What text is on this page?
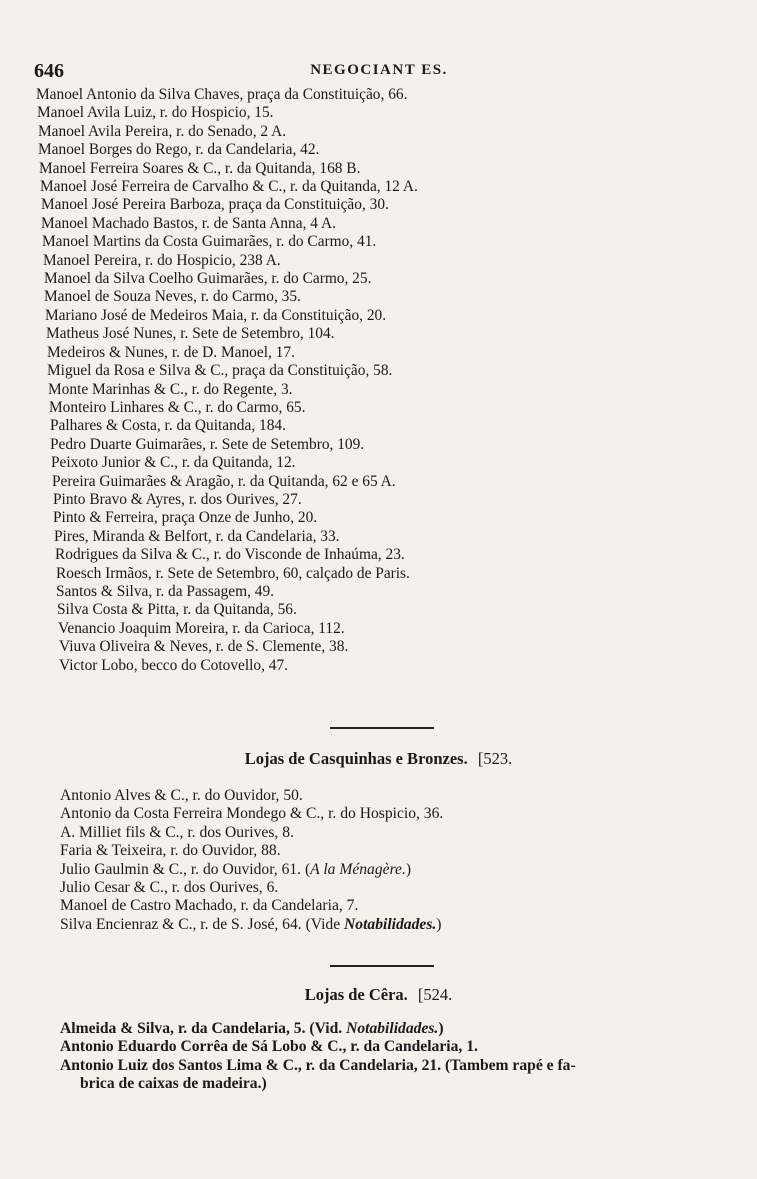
646	NEGOCIANT ES.
Manoel Antonio da Silva Chaves, praça da Constituição, 66.
Manoel Avila Luiz, r. do Hospicio, 15.
Manoel Avila Pereira, r. do Senado, 2 A.
Manoel Borges do Rego, r. da Candelaria, 42.
Manoel Ferreira Soares & C., r. da Quitanda, 168 B.
Manoel José Ferreira de Carvalho & C., r. da Quitanda, 12 A.
Manoel José Pereira Barboza, praça da Constituição, 30.
Manoel Machado Bastos, r. de Santa Anna, 4 A.
Manoel Martins da Costa Guimarães, r. do Carmo, 41.
Manoel Pereira, r. do Hospicio, 238 A.
Manoel da Silva Coelho Guimarães, r. do Carmo, 25.
Manoel de Souza Neves, r. do Carmo, 35.
Mariano José de Medeiros Maia, r. da Constituição, 20.
Matheus José Nunes, r. Sete de Setembro, 104.
Medeiros & Nunes, r. de D. Manoel, 17.
Miguel da Rosa e Silva & C., praça da Constituição, 58.
Monte Marinhas & C., r. do Regente, 3.
Monteiro Linhares & C., r. do Carmo, 65.
Palhares & Costa, r. da Quitanda, 184.
Pedro Duarte Guimarães, r. Sete de Setembro, 109.
Peixoto Junior & C., r. da Quitanda, 12.
Pereira Guimarães & Aragão, r. da Quitanda, 62 e 65 A.
Pinto Bravo & Ayres, r. dos Ourives, 27.
Pinto & Ferreira, praça Onze de Junho, 20.
Pires, Miranda & Belfort, r. da Candelaria, 33.
Rodrigues da Silva & C., r. do Visconde de Inhaúma, 23.
Roesch Irmãos, r. Sete de Setembro, 60, calçado de Paris.
Santos & Silva, r. da Passagem, 49.
Silva Costa & Pitta, r. da Quitanda, 56.
Venancio Joaquim Moreira, r. da Carioca, 112.
Viuva Oliveira & Neves, r. de S. Clemente, 38.
Victor Lobo, becco do Cotovello, 47.
Lojas de Casquinhas e Bronzes. [523.
Antonio Alves & C., r. do Ouvidor, 50.
Antonio da Costa Ferreira Mondego & C., r. do Hospicio, 36.
A. Milliet fils & C., r. dos Ourives, 8.
Faria & Teixeira, r. do Ouvidor, 88.
Julio Gaulmin & C., r. do Ouvidor, 61. (A la Ménagère.)
Julio Cesar & C., r. dos Ourives, 6.
Manoel de Castro Machado, r. da Candelaria, 7.
Silva Encienraz & C., r. de S. José, 64. (Vide Notabilidades.)
Lojas de Cêra. [524.
Almeida & Silva, r. da Candelaria, 5. (Vid. Notabilidades.)
Antonio Eduardo Corrêa de Sá Lobo & C., r. da Candelaria, 1.
Antonio Luiz dos Santos Lima & C., r. da Candelaria, 21. (Tambem rapé e fa-
brica de caixas de madeira.)
